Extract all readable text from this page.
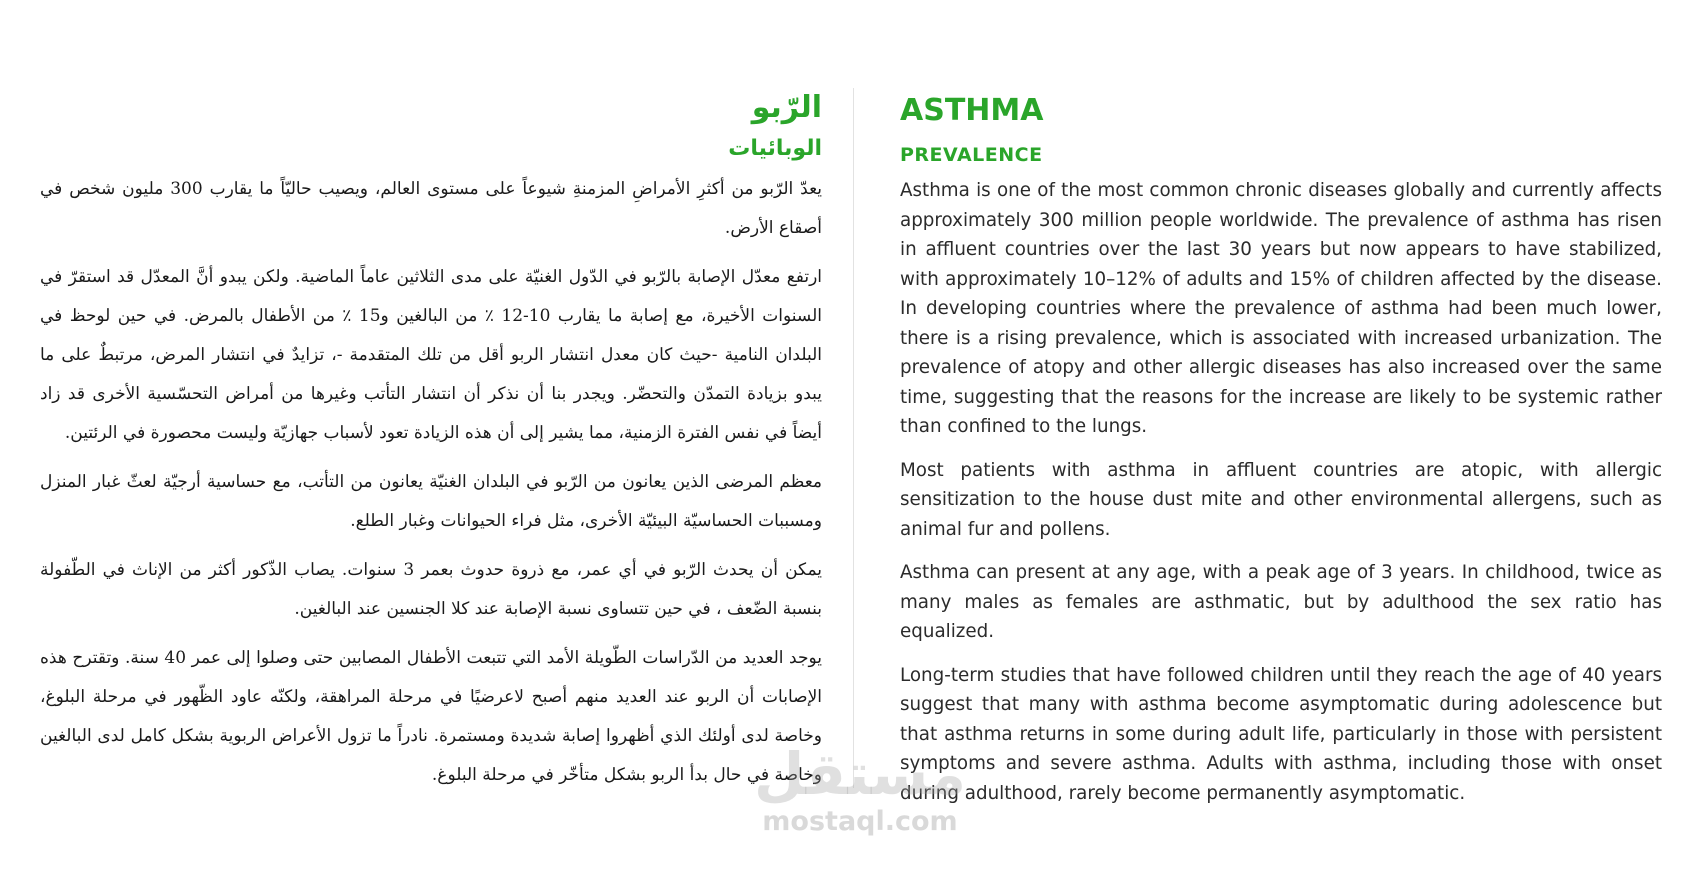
الرّبو
الوبائيات

يعدّ الرّبو من أكثرِ الأمراضِ المزمنةِ شيوعاً على مستوى العالم، ويصيب حاليّاً ما يقارب 300 مليون شخص في أصقاع الأرض.

ارتفع معدّل الإصابة بالرّبو في الدّول الغنيّة على مدى الثلاثين عاماً الماضية. ولكن يبدو أنَّ المعدّل قد استقرّ في السنوات الأخيرة، مع إصابة ما يقارب 10-12 ٪ من البالغين و15 ٪ من الأطفال بالمرض. في حين لوحظ في البلدان النامية -حيث كان معدل انتشار الربو أقل من تلك المتقدمة -، تزايدٌ في انتشار المرض، مرتبطٌ على ما يبدو بزيادة التمدّن والتحضّر. ويجدر بنا أن نذكر أن انتشار التأتب وغيرها من أمراض التحسّسية الأخرى قد زاد أيضاً في نفس الفترة الزمنية، مما يشير إلى أن هذه الزيادة تعود لأسباب جهازيّة وليست محصورة في الرئتين.

معظم المرضى الذين يعانون من الرّبو في البلدان الغنيّة يعانون من التأتب، مع حساسية أرجيّة لعثّ غبار المنزل ومسببات الحساسيّة البيئيّة الأخرى، مثل فراء الحيوانات وغبار الطلع.

يمكن أن يحدث الرّبو في أي عمر، مع ذروة حدوث بعمر 3 سنوات. يصاب الذّكور أكثر من الإناث في الطّفولة بنسبة الضّعف ، في حين تتساوى نسبة الإصابة عند كلا الجنسين عند البالغين.

يوجد العديد من الدّراسات الطّويلة الأمد التي تتبعت الأطفال المصابين حتى وصلوا إلى عمر 40 سنة. وتقترح هذه الإصابات أن الربو عند العديد منهم أصبح لاعرضيًا في مرحلة المراهقة، ولكنّه عاود الظّهور في مرحلة البلوغ، وخاصة لدى أولئك الذي أظهروا إصابة شديدة ومستمرة. نادراً ما تزول الأعراض الربوية بشكل كامل لدى البالغين وخاصة في حال بدأ الربو بشكل متأخّر في مرحلة البلوغ.

ASTHMA
PREVALENCE

Asthma is one of the most common chronic diseases globally and currently affects approximately 300 million people worldwide. The prevalence of asthma has risen in affluent countries over the last 30 years but now appears to have stabilized, with approximately 10–12% of adults and 15% of children affected by the disease. In developing countries where the prevalence of asthma had been much lower, there is a rising prevalence, which is associated with increased urbanization. The prevalence of atopy and other allergic diseases has also increased over the same time, suggesting that the reasons for the increase are likely to be systemic rather than confined to the lungs.

Most patients with asthma in affluent countries are atopic, with allergic sensitization to the house dust mite and other environmental allergens, such as animal fur and pollens.

Asthma can present at any age, with a peak age of 3 years. In childhood, twice as many males as females are asthmatic, but by adulthood the sex ratio has equalized.

Long-term studies that have followed children until they reach the age of 40 years suggest that many with asthma become asymptomatic during adolescence but that asthma returns in some during adult life, particularly in those with persistent symptoms and severe asthma. Adults with asthma, including those with onset during adulthood, rarely become permanently asymptomatic.

مستقل
mostaql.com
